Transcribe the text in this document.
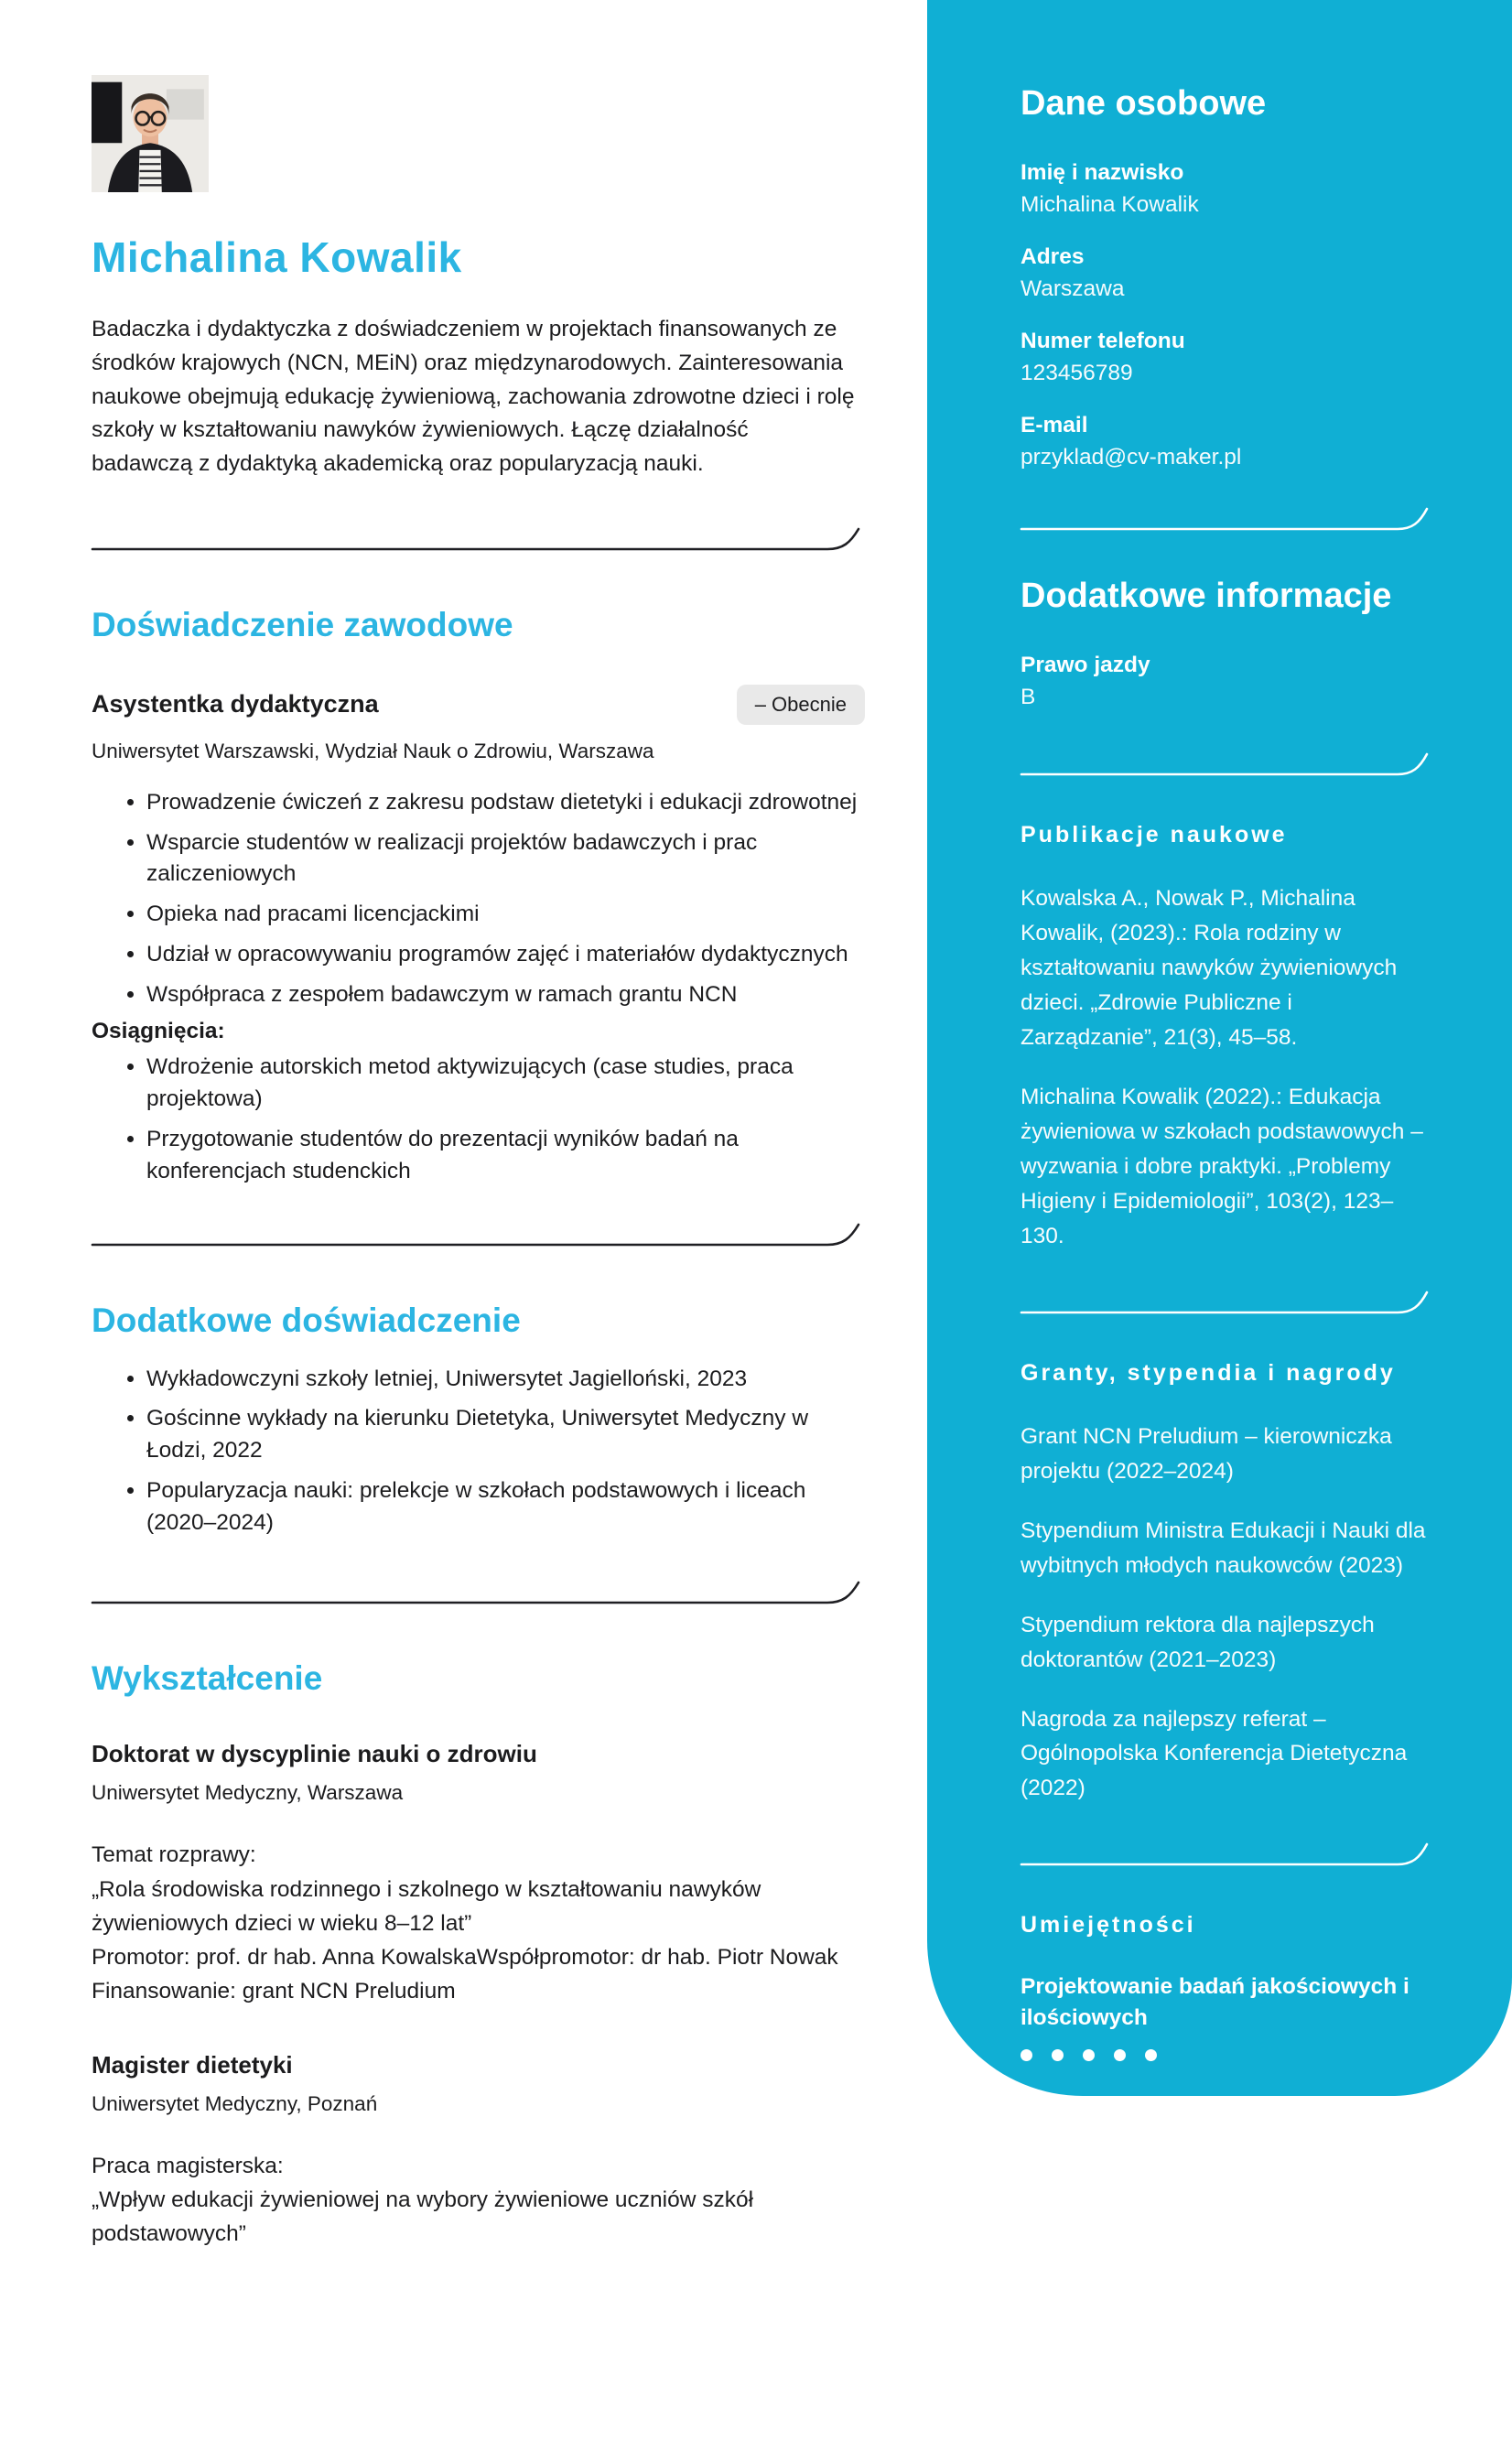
Michalina Kowalik

Badaczka i dydaktyczka z doświadczeniem w projektach finansowanych ze środków krajowych (NCN, MEiN) oraz międzynarodowych. Zainteresowania naukowe obejmują edukację żywieniową, zachowania zdrowotne dzieci i rolę szkoły w kształtowaniu nawyków żywieniowych. Łączę działalność badawczą z dydaktyką akademicką oraz popularyzacją nauki.

Doświadczenie zawodowe
Asystentka dydaktyczna	– Obecnie
Uniwersytet Warszawski, Wydział Nauk o Zdrowiu, Warszawa
• Prowadzenie ćwiczeń z zakresu podstaw dietetyki i edukacji zdrowotnej
• Wsparcie studentów w realizacji projektów badawczych i prac zaliczeniowych
• Opieka nad pracami licencjackimi
• Udział w opracowywaniu programów zajęć i materiałów dydaktycznych
• Współpraca z zespołem badawczym w ramach grantu NCN
Osiągnięcia:
• Wdrożenie autorskich metod aktywizujących (case studies, praca projektowa)
• Przygotowanie studentów do prezentacji wyników badań na konferencjach studenckich
Dodatkowe doświadczenie
• Wykładowczyni szkoły letniej, Uniwersytet Jagielloński, 2023
• Gościnne wykłady na kierunku Dietetyka, Uniwersytet Medyczny w Łodzi, 2022
• Popularyzacja nauki: prelekcje w szkołach podstawowych i liceach (2020–2024)
Wykształcenie
Doktorat w dyscyplinie nauki o zdrowiu
Uniwersytet Medyczny, Warszawa
Temat rozprawy:
„Rola środowiska rodzinnego i szkolnego w kształtowaniu nawyków żywieniowych dzieci w wieku 8–12 lat”
Promotor: prof. dr hab. Anna KowalskaWspółpromotor: dr hab. Piotr Nowak
Finansowanie: grant NCN Preludium
Magister dietetyki
Uniwersytet Medyczny, Poznań
Praca magisterska:
„Wpływ edukacji żywieniowej na wybory żywieniowe uczniów szkół podstawowych”
Dane osobowe
Imię i nazwisko
Michalina Kowalik
Adres
Warszawa
Numer telefonu
123456789
E-mail
przyklad@cv-maker.pl
Dodatkowe informacje
Prawo jazdy
B
Publikacje naukowe

Kowalska A., Nowak P., Michalina Kowalik, (2023).: Rola rodziny w kształtowaniu nawyków żywieniowych dzieci. „Zdrowie Publiczne i Zarządzanie”, 21(3), 45–58.

Michalina Kowalik (2022).: Edukacja żywieniowa w szkołach podstawowych – wyzwania i dobre praktyki. „Problemy Higieny i Epidemiologii”, 103(2), 123–130.

Granty, stypendia i nagrody

Grant NCN Preludium – kierowniczka projektu (2022–2024)

Stypendium Ministra Edukacji i Nauki dla wybitnych młodych naukowców (2023)

Stypendium rektora dla najlepszych doktorantów (2021–2023)

Nagroda za najlepszy referat – Ogólnopolska Konferencja Dietetyczna (2022)

Umiejętności
Projektowanie badań jakościowych i ilościowych
Analiza danych (SPSS, R – podstawy)
Pisanie artykułów naukowych
Recenzowanie prac studenckich
Dydaktyka akademicka
Wystąpienia publiczne
